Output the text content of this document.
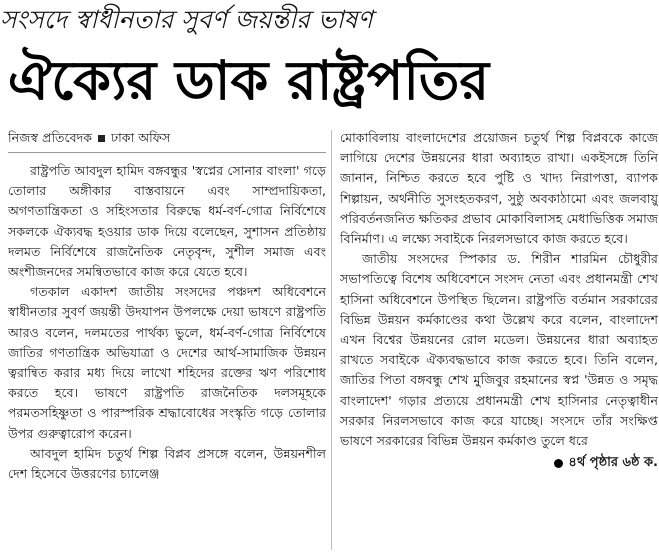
সংসদে স্বাধীনতার সুবর্ণ জয়ন্তীর ভাষণ
ঐক্যের ডাক রাষ্ট্রপতির
নিজস্ব প্রতিবেদক ঢাকা অফিস

রাষ্ট্রপতি আবদুল হামিদ বঙ্গবন্ধুর 'স্বপ্নের সোনার বাংলা' গড়ে তোলার অঙ্গীকার বাস্তবায়নে এবং সাম্প্রদায়িকতা, অগণতান্ত্রিকতা ও সহিংসতার বিরুদ্ধে ধর্ম-বর্ণ-গোত্র নির্বিশেষে সকলকে ঐক্যবদ্ধ হওয়ার ডাক দিয়ে বলেছেন, সুশাসন প্রতিষ্ঠায় দলমত নির্বিশেষে রাজনৈতিক নেতৃবৃন্দ, সুশীল সমাজ এবং অংশীজনদের সমন্বিতভাবে কাজ করে যেতে হবে।

গতকাল একাদশ জাতীয় সংসদের পঞ্চদশ অধিবেশনে স্বাধীনতার সুবর্ণ জয়ন্তী উদযাপন উপলক্ষে দেয়া ভাষণে রাষ্ট্রপতি আরও বলেন, দলমতের পার্থক্য ভুলে, ধর্ম-বর্ণ-গোত্র নির্বিশেষে জাতির গণতান্ত্রিক অভিযাত্রা ও দেশের আর্থ-সামাজিক উন্নয়ন ত্বরান্বিত করার মধ্য দিয়ে লাখো শহিদের রক্তের ঋণ পরিশোধ করতে হবে। ভাষণে রাষ্ট্রপতি রাজনৈতিক দলসমূহকে পরমতসহিষ্ণুতা ও পারস্পরিক শ্রদ্ধাবোধের সংস্কৃতি গড়ে তোলার উপর গুরুত্বারোপ করেন।

আবদুল হামিদ চতুর্থ শিল্প বিপ্লব প্রসঙ্গে বলেন, উন্নয়নশীল দেশ হিসেবে উত্তরণের চ্যালেঞ্জ

মোকাবিলায় বাংলাদেশের প্রয়োজন চতুর্থ শিল্প বিপ্লবকে কাজে লাগিয়ে দেশের উন্নয়নের ধারা অব্যাহত রাখা। একইসঙ্গে তিনি জানান, নিশ্চিত করতে হবে পুষ্টি ও খাদ্য নিরাপত্তা, ব্যাপক শিল্পায়ন, অর্থনীতি সুসংহতকরণ, সুষ্ঠু অবকাঠামো এবং জলবায়ু পরিবর্তনজনিত ক্ষতিকর প্রভাব মোকাবিলাসহ মেধাভিত্তিক সমাজ বিনির্মাণ। এ লক্ষ্যে সবাইকে নিরলসভাবে কাজ করতে হবে।

জাতীয় সংসদের স্পিকার ড. শিরীন শারমিন চৌধুরীর সভাপতিত্বে বিশেষ অধিবেশনে সংসদ নেতা এবং প্রধানমন্ত্রী শেখ হাসিনা অধিবেশনে উপস্থিত ছিলেন। রাষ্ট্রপতি বর্তমান সরকারের বিভিন্ন উন্নয়ন কর্মকাণ্ডের কথা উল্লেখ করে বলেন, বাংলাদেশ এখন বিশ্বের উন্নয়নের রোল মডেল। উন্নয়নের ধারা অব্যাহত রাখতে সবাইকে ঐক্যবদ্ধভাবে কাজ করতে হবে। তিনি বলেন, জাতির পিতা বঙ্গবন্ধু শেখ মুজিবুর রহমানের স্বপ্ন 'উন্নত ও সমৃদ্ধ বাংলাদেশ' গড়ার প্রত্যয়ে প্রধানমন্ত্রী শেখ হাসিনার নেতৃত্বাধীন সরকার নিরলসভাবে কাজ করে যাচ্ছে। সংসদে তাঁর সংক্ষিপ্ত ভাষণে সরকারের বিভিন্ন উন্নয়ন কর্মকাণ্ড তুলে ধরে

৪র্থ পৃষ্ঠার ৬ষ্ঠ ক.
